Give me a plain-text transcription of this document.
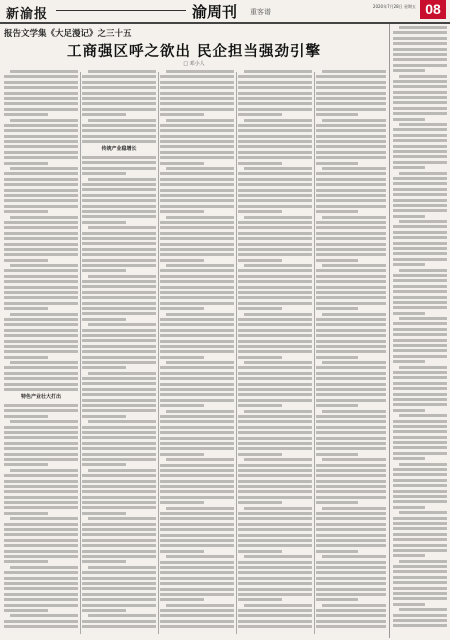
新渝报	渝周刊 重客谱
2020年7月28日 星期五 08
报告文学集《大足漫记》之三十五
工商强区呼之欲出 民企担当强劲引擎
□ 邓小人
特色产业壮大打出
传统产业稳增长
